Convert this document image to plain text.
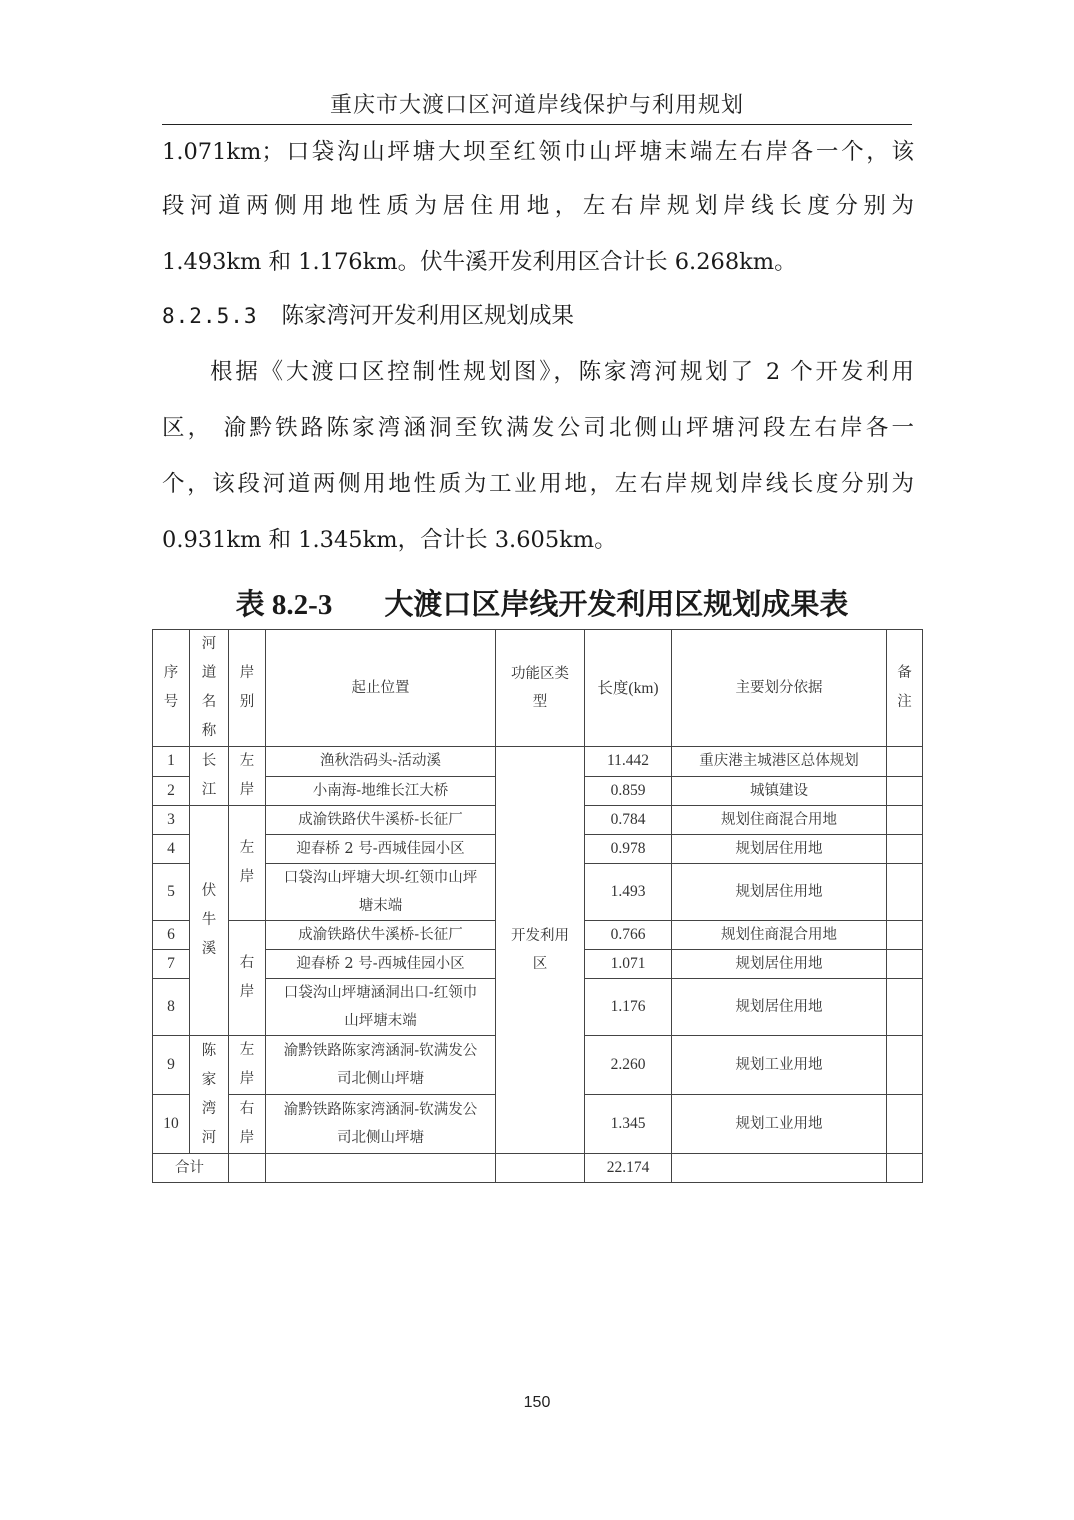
重庆市大渡口区河道岸线保护与利用规划
1.071km；口袋沟山坪塘大坝至红领巾山坪塘末端左右岸各一个，该
段河道两侧用地性质为居住用地，左右岸规划岸线长度分别为
1.493km 和 1.176km。伏牛溪开发利用区合计长 6.268km。
8.2.5.3 陈家湾河开发利用区规划成果
根据《大渡口区控制性规划图》，陈家湾河规划了 2 个开发利用
区， 渝黔铁路陈家湾涵洞至钦满发公司北侧山坪塘河段左右岸各一
个，该段河道两侧用地性质为工业用地，左右岸规划岸线长度分别为
0.931km 和 1.345km，合计长 3.605km。
表 8.2-3 大渡口区岸线开发利用区规划成果表
序号	河道名称	岸别	起止位置	功能区类型	长度(km)	主要划分依据	备注
1	长江	左岸	渔秋浩码头-活动溪	开发利用区	11.442	重庆港主城港区总体规划	
2			小南海-地维长江大桥		0.859	城镇建设	
3	伏牛溪	左岸	成渝铁路伏牛溪桥-长征厂		0.784	规划住商混合用地	
4			迎春桥 2 号-西城佳园小区		0.978	规划居住用地	
5			口袋沟山坪塘大坝-红领巾山坪塘末端		1.493	规划居住用地	
6		右岸	成渝铁路伏牛溪桥-长征厂		0.766	规划住商混合用地	
7			迎春桥 2 号-西城佳园小区		1.071	规划居住用地	
8			口袋沟山坪塘涵洞出口-红领巾山坪塘末端		1.176	规划居住用地	
9	陈家湾河	左岸	渝黔铁路陈家湾涵洞-钦满发公司北侧山坪塘		2.260	规划工业用地	
10		右岸	渝黔铁路陈家湾涵洞-钦满发公司北侧山坪塘		1.345	规划工业用地	
合计					22.174		
150
